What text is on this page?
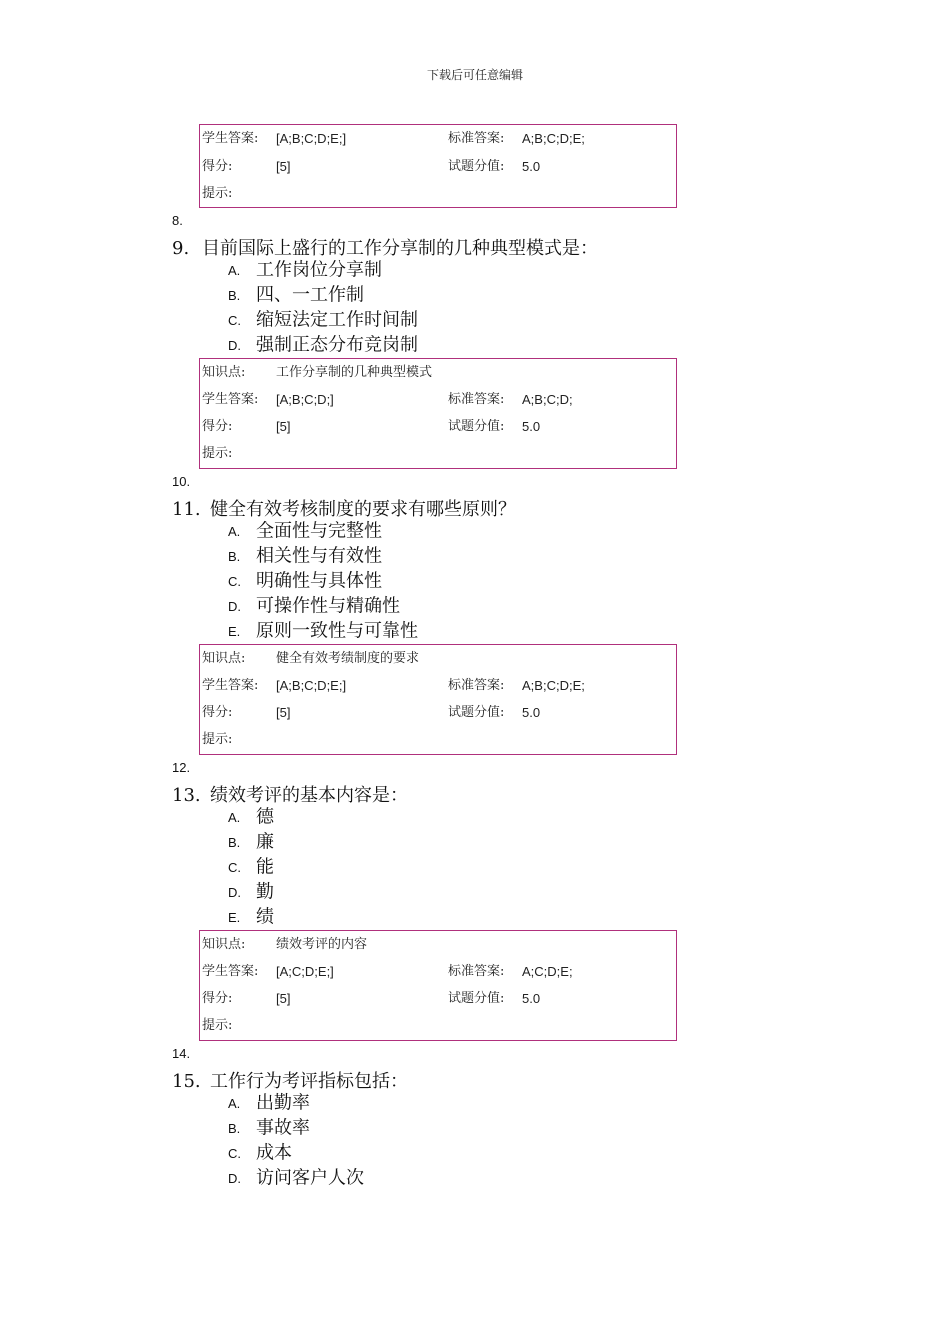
下载后可任意编辑
学生答案: [A;B;C;D;E;]	标准答案: A;B;C;D;E;
得分:	[5]	试题分值: 5.0
提示:
8.
9. 目前国际上盛行的工作分享制的几种典型模式是：
A. 工作岗位分享制
B. 四、一工作制
C. 缩短法定工作时间制
D. 强制正态分布竞岗制
知识点: 工作分享制的几种典型模式
学生答案: [A;B;C;D;]	标准答案: A;B;C;D;
得分:	[5]	试题分值: 5.0
提示:
10.
11. 健全有效考核制度的要求有哪些原则？
A. 全面性与完整性
B. 相关性与有效性
C. 明确性与具体性
D. 可操作性与精确性
E. 原则一致性与可靠性
知识点: 健全有效考绩制度的要求
学生答案: [A;B;C;D;E;]	标准答案: A;B;C;D;E;
得分:	[5]	试题分值: 5.0
提示:
12.
13. 绩效考评的基本内容是：
A. 德
B. 廉
C. 能
D. 勤
E. 绩
知识点: 绩效考评的内容
学生答案: [A;C;D;E;]	标准答案: A;C;D;E;
得分:	[5]	试题分值: 5.0
提示:
14.
15. 工作行为考评指标包括：
A. 出勤率
B. 事故率
C. 成本
D. 访问客户人次
